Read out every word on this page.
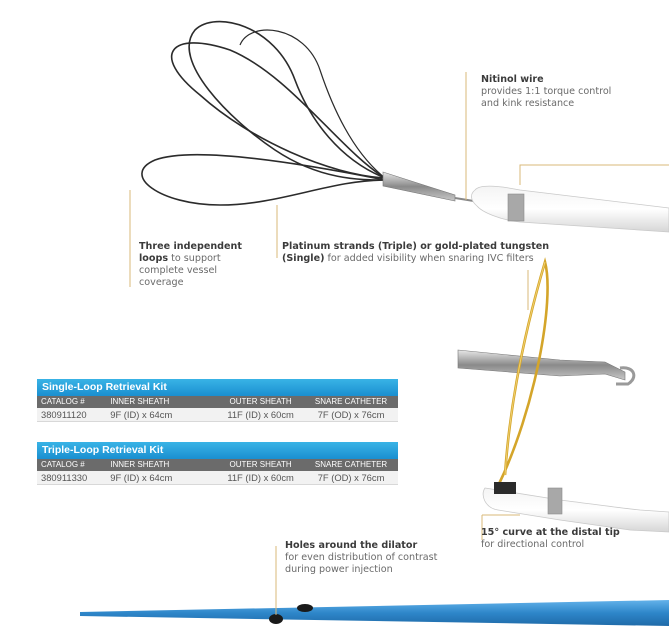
Nitinol wire
provides 1:1 torque control
and kink resistance
Three independent
loops to support
complete vessel
coverage
Platinum strands (Triple) or gold-plated tungsten
(Single) for added visibility when snaring IVC filters
15° curve at the distal tip
for directional control
Holes around the dilator
for even distribution of contrast
during power injection
Single-Loop Retrieval Kit
CATALOG #	INNER SHEATH	OUTER SHEATH	SNARE CATHETER
380911120	9F (ID) x 64cm	11F (ID) x 60cm	7F (OD) x 76cm
Triple-Loop Retrieval Kit
CATALOG #	INNER SHEATH	OUTER SHEATH	SNARE CATHETER
380911330	9F (ID) x 64cm	11F (ID) x 60cm	7F (OD) x 76cm
